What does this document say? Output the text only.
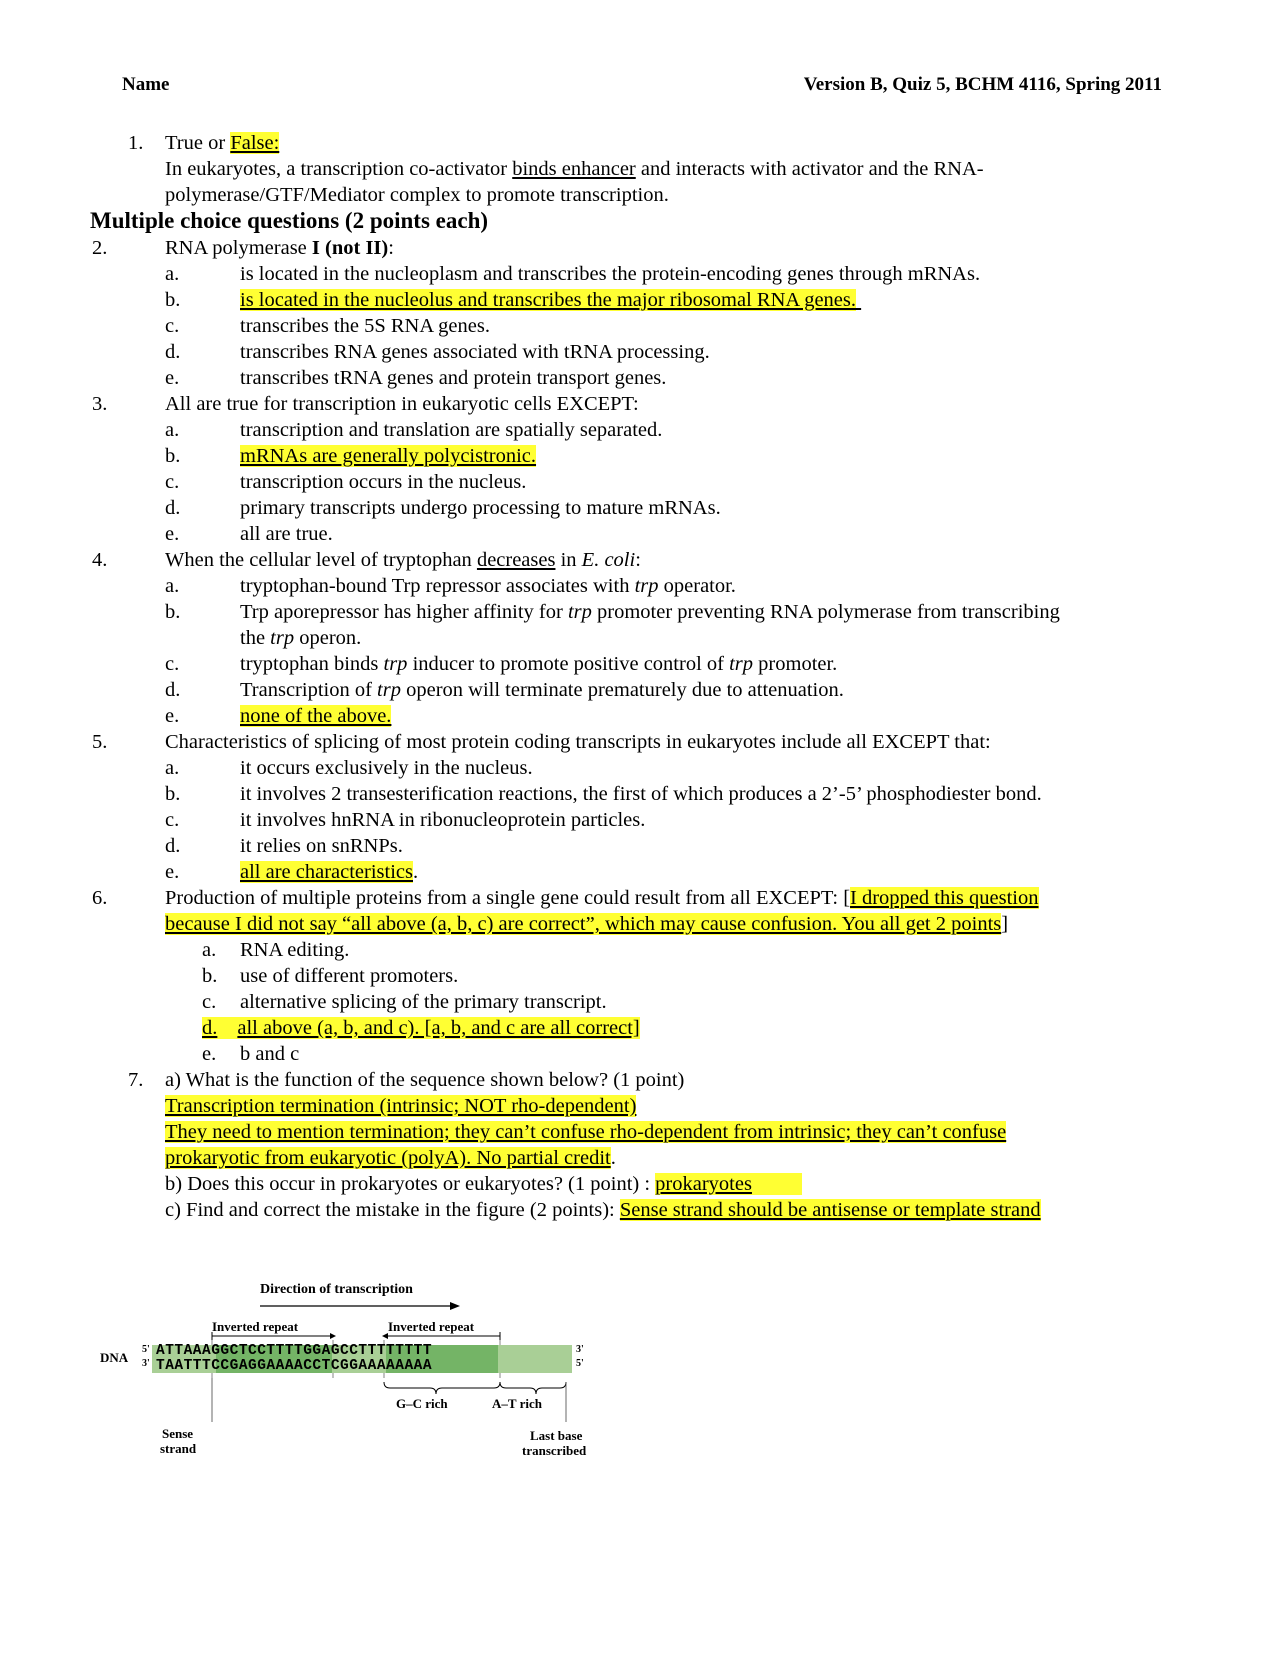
Name	Version B, Quiz 5, BCHM 4116, Spring 2011
1. True or False:
In eukaryotes, a transcription co-activator binds enhancer and interacts with activator and the RNA-
polymerase/GTF/Mediator complex to promote transcription.
Multiple choice questions (2 points each)
2.	RNA polymerase I (not II):
a.	is located in the nucleoplasm and transcribes the protein-encoding genes through mRNAs.
b.	is located in the nucleolus and transcribes the major ribosomal RNA genes.
c.	transcribes the 5S RNA genes.
d.	transcribes RNA genes associated with tRNA processing.
e.	transcribes tRNA genes and protein transport genes.
3.	All are true for transcription in eukaryotic cells EXCEPT:
a.	transcription and translation are spatially separated.
b.	mRNAs are generally polycistronic.
c.	transcription occurs in the nucleus.
d.	primary transcripts undergo processing to mature mRNAs.
e.	all are true.
4.	When the cellular level of tryptophan decreases in E. coli:
a.	tryptophan-bound Trp repressor associates with trp operator.
b.	Trp aporepressor has higher affinity for trp promoter preventing RNA polymerase from transcribing
the trp operon.
c.	tryptophan binds trp inducer to promote positive control of trp promoter.
d.	Transcription of trp operon will terminate prematurely due to attenuation.
e.	none of the above.
5.	Characteristics of splicing of most protein coding transcripts in eukaryotes include all EXCEPT that:
a.	it occurs exclusively in the nucleus.
b.	it involves 2 transesterification reactions, the first of which produces a 2’-5’ phosphodiester bond.
c.	it involves hnRNA in ribonucleoprotein particles.
d.	it relies on snRNPs.
e.	all are characteristics.
6.	Production of multiple proteins from a single gene could result from all EXCEPT: [I dropped this question
because I did not say “all above (a, b, c) are correct”, which may cause confusion. You all get 2 points]
a. RNA editing.
b. use of different promoters.
c. alternative splicing of the primary transcript.
d. all above (a, b, and c). [a, b, and c are all correct]
e. b and c
7. a) What is the function of the sequence shown below? (1 point)
Transcription termination (intrinsic; NOT rho-dependent)
They need to mention termination; they can’t confuse rho-dependent from intrinsic; they can’t confuse
prokaryotic from eukaryotic (polyA). No partial credit.
b) Does this occur in prokaryotes or eukaryotes? (1 point) : prokaryotes
c) Find and correct the mistake in the figure (2 points): Sense strand should be antisense or template strand
Direction of transcription
Inverted repeat	Inverted repeat
DNA
5'
3'
ATTAAAGGCTCCTTTTGGAGCCTTTTTTTT
TAATTTCCGAGGAAAACCTCGGAAAAAAAA
3'
5'
G–C rich	A–T rich
Sense
strand
Last base
transcribed
